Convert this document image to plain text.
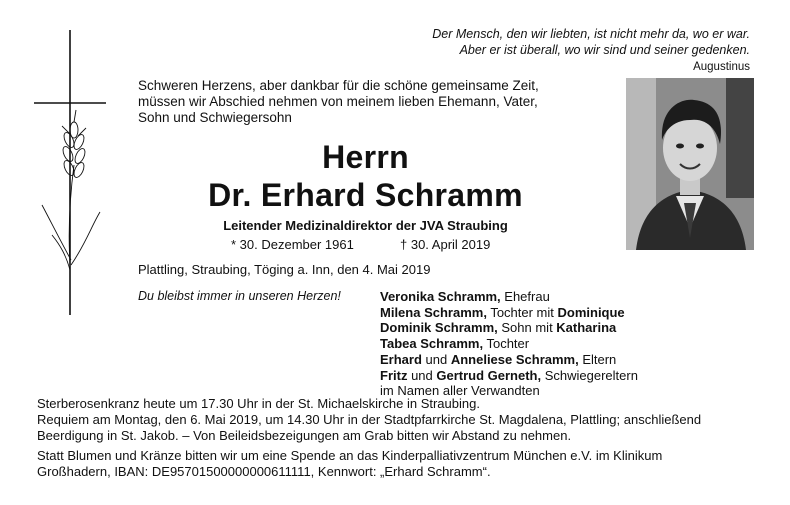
Der Mensch, den wir liebten, ist nicht mehr da, wo er war.
Aber er ist überall, wo wir sind und seiner gedenken.
Augustinus
Schweren Herzens, aber dankbar für die schöne gemeinsame Zeit,
müssen wir Abschied nehmen von meinem lieben Ehemann, Vater,
Sohn und Schwiegersohn
Herrn
Dr. Erhard Schramm
Leitender Medizinaldirektor der JVA Straubing
* 30. Dezember 1961	† 30. April 2019
Plattling, Straubing, Töging a. Inn, den 4. Mai 2019
Du bleibst immer in unseren Herzen!	Veronika Schramm, Ehefrau
Milena Schramm, Tochter mit Dominique
Dominik Schramm, Sohn mit Katharina
Tabea Schramm, Tochter
Erhard und Anneliese Schramm, Eltern
Fritz und Gertrud Gerneth, Schwiegereltern
im Namen aller Verwandten

Sterberosenkranz heute um 17.30 Uhr in der St. Michaelskirche in Straubing.

Requiem am Montag, den 6. Mai 2019, um 14.30 Uhr in der Stadtpfarrkirche St. Magdalena, Plattling; anschließend

Beerdigung in St. Jakob. – Von Beileidsbezeigungen am Grab bitten wir Abstand zu nehmen.

Statt Blumen und Kränze bitten wir um eine Spende an das Kinderpalliativzentrum München e.V. im Klinikum

Großhadern, IBAN: DE95701500000000611111, Kennwort: „Erhard Schramm“.
